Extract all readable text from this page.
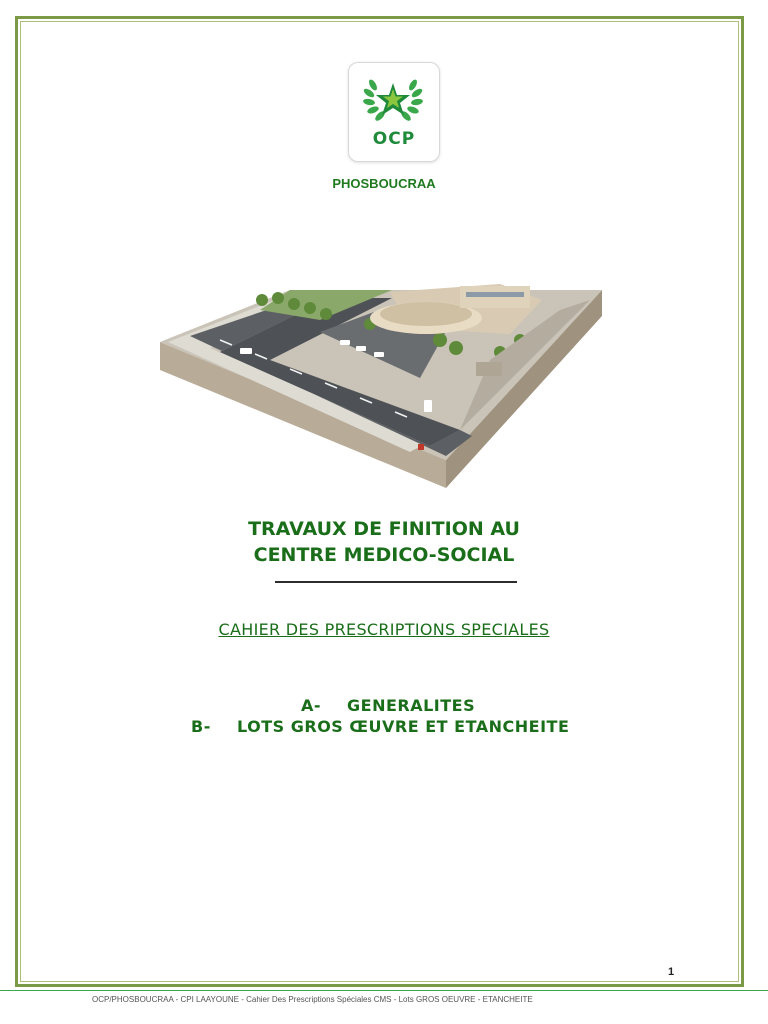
OCP
PHOSBOUCRAA
TRAVAUX DE FINITION AU
CENTRE MEDICO-SOCIAL
CAHIER DES PRESCRIPTIONS SPECIALES
A- GENERALITES
B- LOTS GROS ŒUVRE ET ETANCHEITE
1
OCP/PHOSBOUCRAA - CPI LAAYOUNE - Cahier Des Prescriptions Spéciales CMS - Lots GROS OEUVRE - ETANCHEITE
